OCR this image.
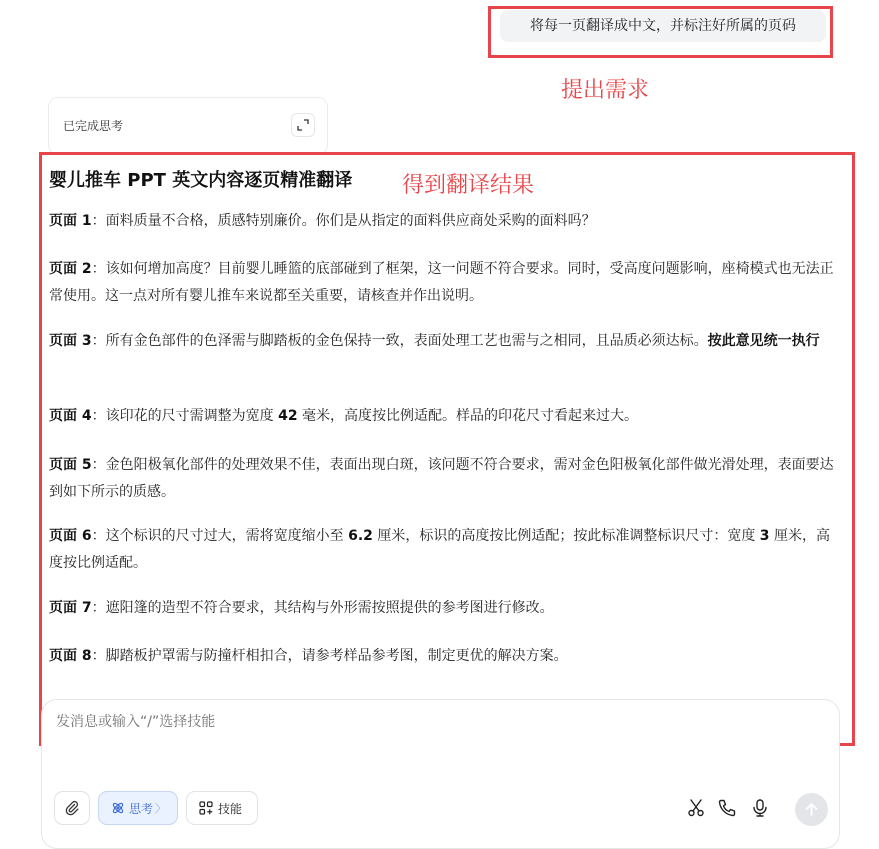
将每一页翻译成中文，并标注好所属的页码
提出需求
已完成思考
婴儿推车 PPT 英文内容逐页精准翻译 得到翻译结果
页面 1：面料质量不合格，质感特别廉价。你们是从指定的面料供应商处采购的面料吗？
页面 2：该如何增加高度？目前婴儿睡篮的底部碰到了框架，这一问题不符合要求。同时，受高度问题影响，座椅模式也无法正常使用。这一点对所有婴儿推车来说都至关重要，请核查并作出说明。
页面 3：所有金色部件的色泽需与脚踏板的金色保持一致，表面处理工艺也需与之相同，且品质必须达标。按此意见统一执行
页面 4：该印花的尺寸需调整为宽度 42 毫米，高度按比例适配。样品的印花尺寸看起来过大。
页面 5：金色阳极氧化部件的处理效果不佳，表面出现白斑，该问题不符合要求，需对金色阳极氧化部件做光滑处理，表面要达到如下所示的质感。
页面 6：这个标识的尺寸过大，需将宽度缩小至 6.2 厘米，标识的高度按比例适配；按此标准调整标识尺寸：宽度 3 厘米，高度按比例适配。
页面 7：遮阳篷的造型不符合要求，其结构与外形需按照提供的参考图进行修改。
页面 8：脚踏板护罩需与防撞杆相扣合，请参考样品参考图，制定更优的解决方案。
发消息或输入“/”选择技能
思考 〉	技能
